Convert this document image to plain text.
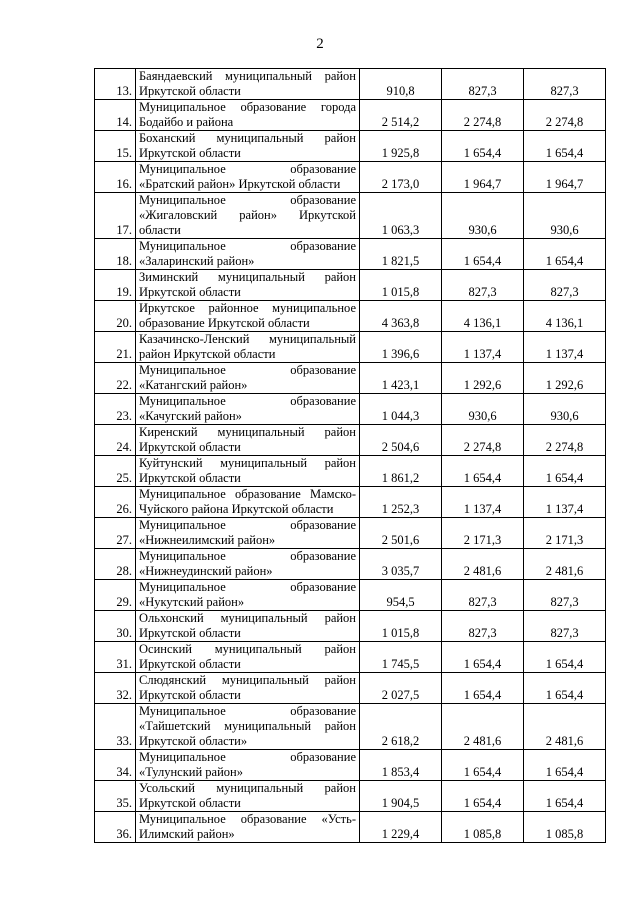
2
13.	Баяндаевский муниципальный район
Иркутской области	910,8	827,3	827,3
14.	Муниципальное образование города
Бодайбо и района	2 514,2	2 274,8	2 274,8
15.	Боханский муниципальный район
Иркутской области	1 925,8	1 654,4	1 654,4
16.	Муниципальное образование
«Братский район» Иркутской области	2 173,0	1 964,7	1 964,7
17.	Муниципальное образование
«Жигаловский район» Иркутской
области	1 063,3	930,6	930,6
18.	Муниципальное образование
«Заларинский район»	1 821,5	1 654,4	1 654,4
19.	Зиминский муниципальный район
Иркутской области	1 015,8	827,3	827,3
20.	Иркутское районное муниципальное
образование Иркутской области	4 363,8	4 136,1	4 136,1
21.	Казачинско-Ленский муниципальный
район Иркутской области	1 396,6	1 137,4	1 137,4
22.	Муниципальное образование
«Катангский район»	1 423,1	1 292,6	1 292,6
23.	Муниципальное образование
«Качугский район»	1 044,3	930,6	930,6
24.	Киренский муниципальный район
Иркутской области	2 504,6	2 274,8	2 274,8
25.	Куйтунский муниципальный район
Иркутской области	1 861,2	1 654,4	1 654,4
26.	Муниципальное образование Мамско-
Чуйского района Иркутской области	1 252,3	1 137,4	1 137,4
27.	Муниципальное образование
«Нижнеилимский район»	2 501,6	2 171,3	2 171,3
28.	Муниципальное образование
«Нижнеудинский район»	3 035,7	2 481,6	2 481,6
29.	Муниципальное образование
«Нукутский район»	954,5	827,3	827,3
30.	Ольхонский муниципальный район
Иркутской области	1 015,8	827,3	827,3
31.	Осинский муниципальный район
Иркутской области	1 745,5	1 654,4	1 654,4
32.	Слюдянский муниципальный район
Иркутской области	2 027,5	1 654,4	1 654,4
33.	Муниципальное образование
«Тайшетский муниципальный район
Иркутской области»	2 618,2	2 481,6	2 481,6
34.	Муниципальное образование
«Тулунский район»	1 853,4	1 654,4	1 654,4
35.	Усольский муниципальный район
Иркутской области	1 904,5	1 654,4	1 654,4
36.	Муниципальное образование «Усть-
Илимский район»	1 229,4	1 085,8	1 085,8
